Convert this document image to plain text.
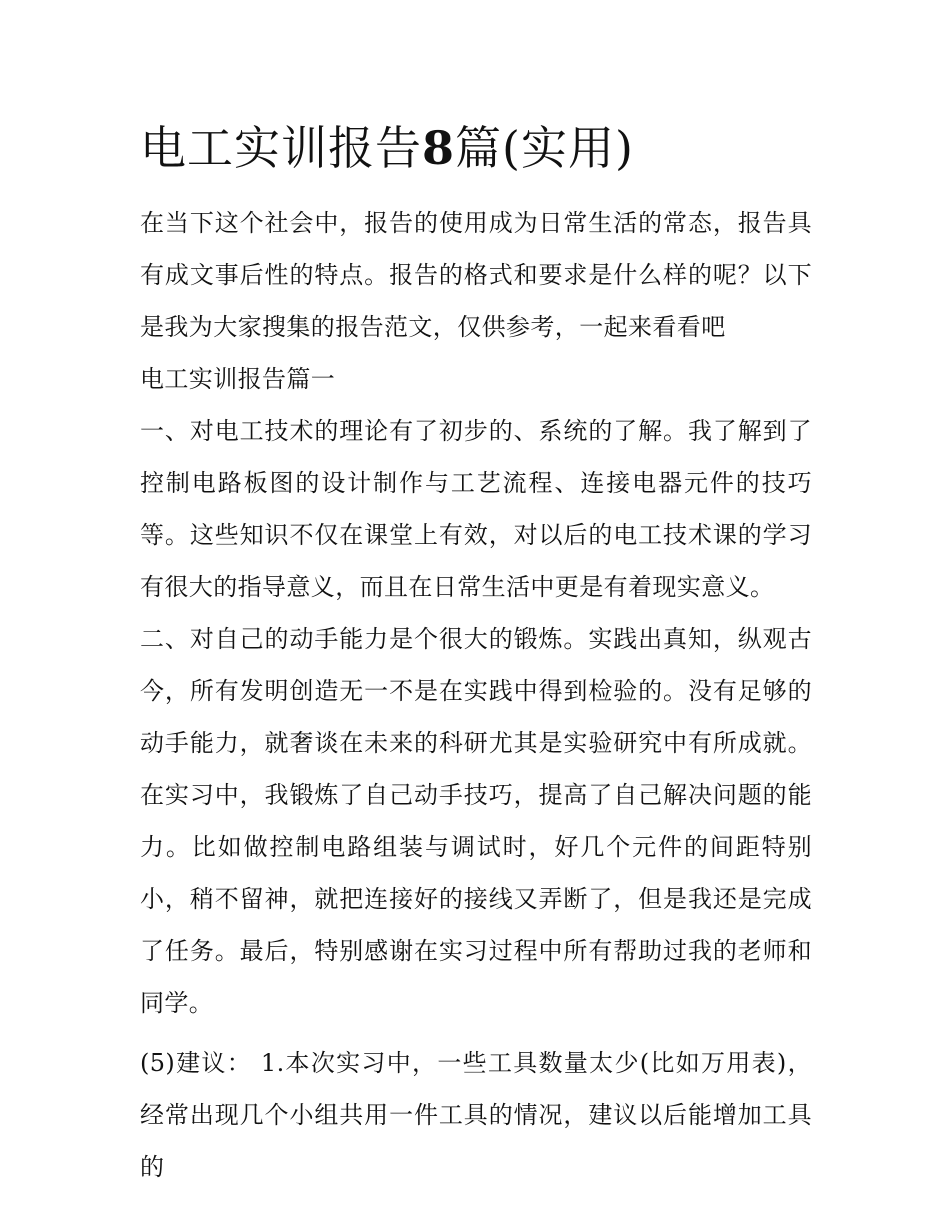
电工实训报告8篇(实用)

在当下这个社会中，报告的使用成为日常生活的常态，报告具有成文事后性的特点。报告的格式和要求是什么样的呢？以下是我为大家搜集的报告范文，仅供参考，一起来看看吧

电工实训报告篇一

一、对电工技术的理论有了初步的、系统的了解。我了解到了控制电路板图的设计制作与工艺流程、连接电器元件的技巧等。这些知识不仅在课堂上有效，对以后的电工技术课的学习有很大的指导意义，而且在日常生活中更是有着现实意义。

二、对自己的动手能力是个很大的锻炼。实践出真知，纵观古今，所有发明创造无一不是在实践中得到检验的。没有足够的动手能力，就奢谈在未来的科研尤其是实验研究中有所成就。在实习中，我锻炼了自己动手技巧，提高了自己解决问题的能力。比如做控制电路组装与调试时，好几个元件的间距特别小，稍不留神，就把连接好的接线又弄断了，但是我还是完成了任务。最后，特别感谢在实习过程中所有帮助过我的老师和同学。

(5)建议： 1.本次实习中，一些工具数量太少(比如万用表)，经常出现几个小组共用一件工具的情况，建议以后能增加工具的
